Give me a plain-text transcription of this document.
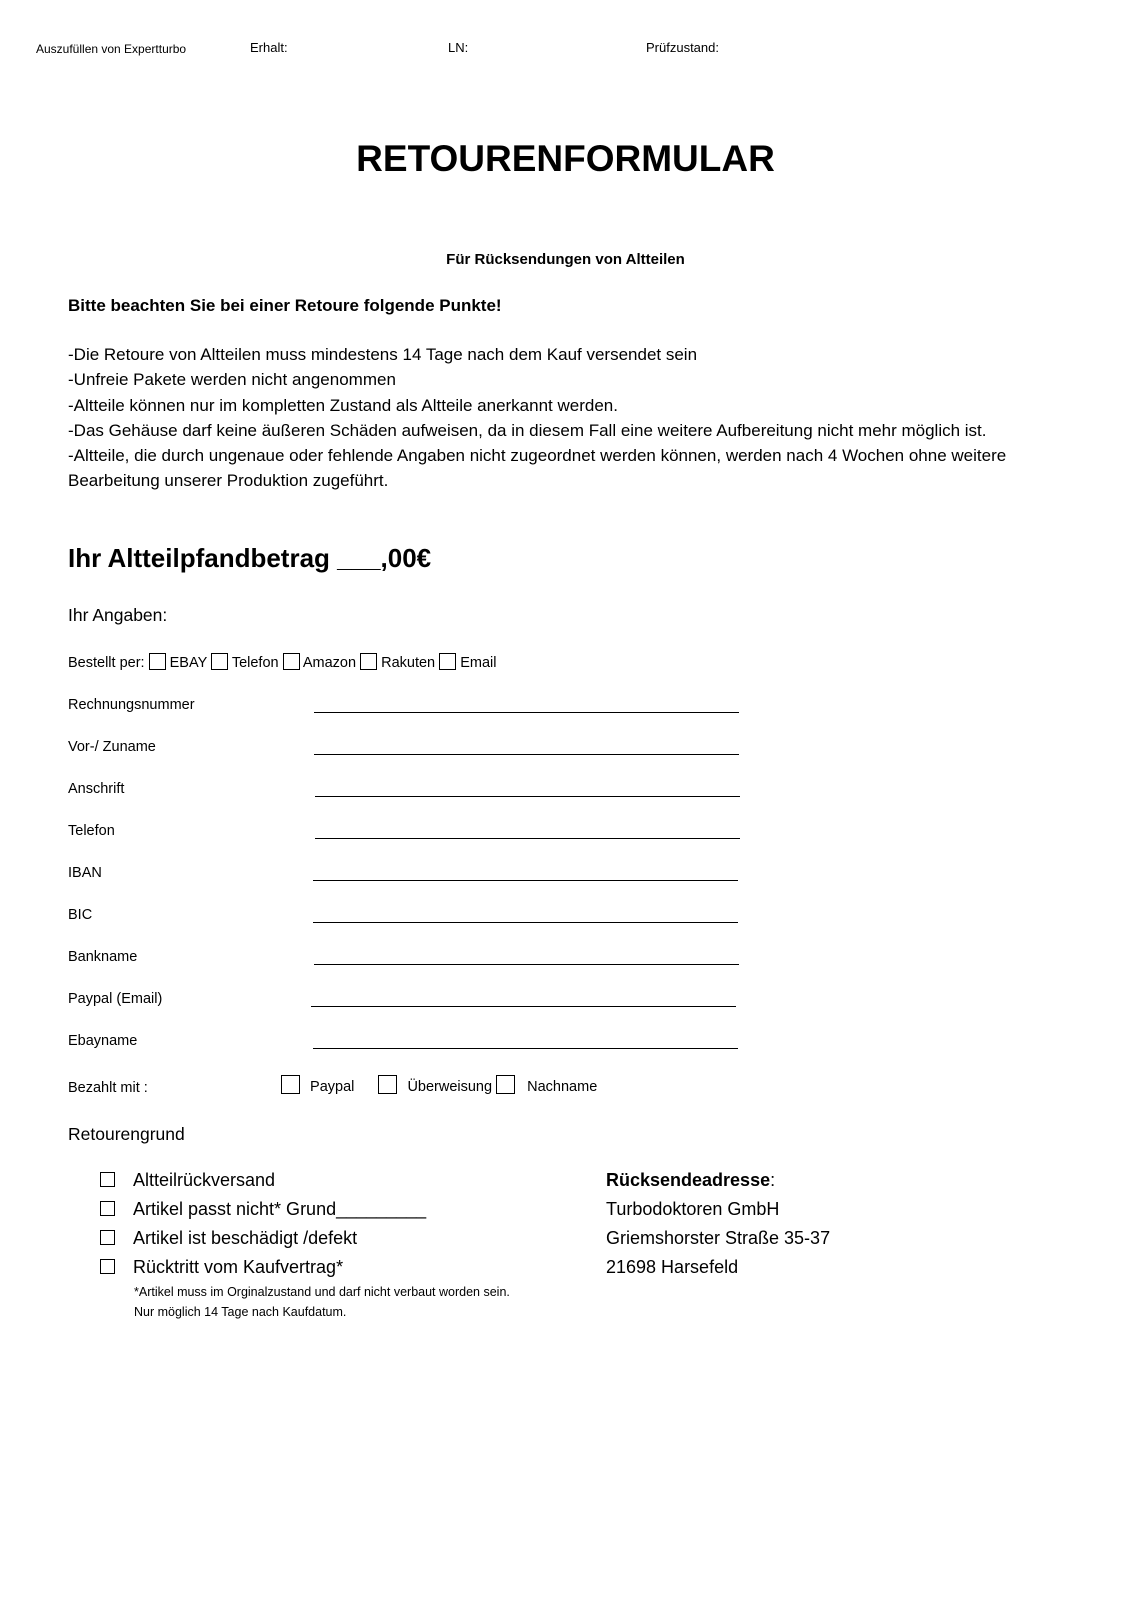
Auszufüllen von Expertturbo	Erhalt:	LN:	Prüfzustand:
RETOURENFORMULAR
Für Rücksendungen von Altteilen
Bitte beachten Sie bei einer Retoure folgende Punkte!
-Die Retoure von Altteilen muss mindestens 14 Tage nach dem Kauf versendet sein
-Unfreie Pakete werden nicht angenommen
-Altteile können nur im kompletten Zustand als Altteile anerkannt werden.
-Das Gehäuse darf keine äußeren Schäden aufweisen, da in diesem Fall eine weitere Aufbereitung nicht mehr möglich ist.
-Altteile, die durch ungenaue oder fehlende Angaben nicht zugeordnet werden können, werden nach 4 Wochen ohne weitere Bearbeitung unserer Produktion zugeführt.
Ihr Altteilpfandbetrag ___,00€
Ihr Angaben:
Bestellt per: EBAY Telefon Amazon Rakuten Email
Rechnungsnummer
Vor-/ Zuname
Anschrift
Telefon
IBAN
BIC
Bankname
Paypal (Email)
Ebayname
Bezahlt mit :	Paypal	Überweisung Nachname
Retourengrund
Altteilrückversand
Artikel passt nicht* Grund_________
Artikel ist beschädigt /defekt
Rücktritt vom Kaufvertrag*
*Artikel muss im Orginalzustand und darf nicht verbaut worden sein.
Nur möglich 14 Tage nach Kaufdatum.
Rücksendeadresse:
Turbodoktoren GmbH
Griemshorster Straße 35-37
21698 Harsefeld
